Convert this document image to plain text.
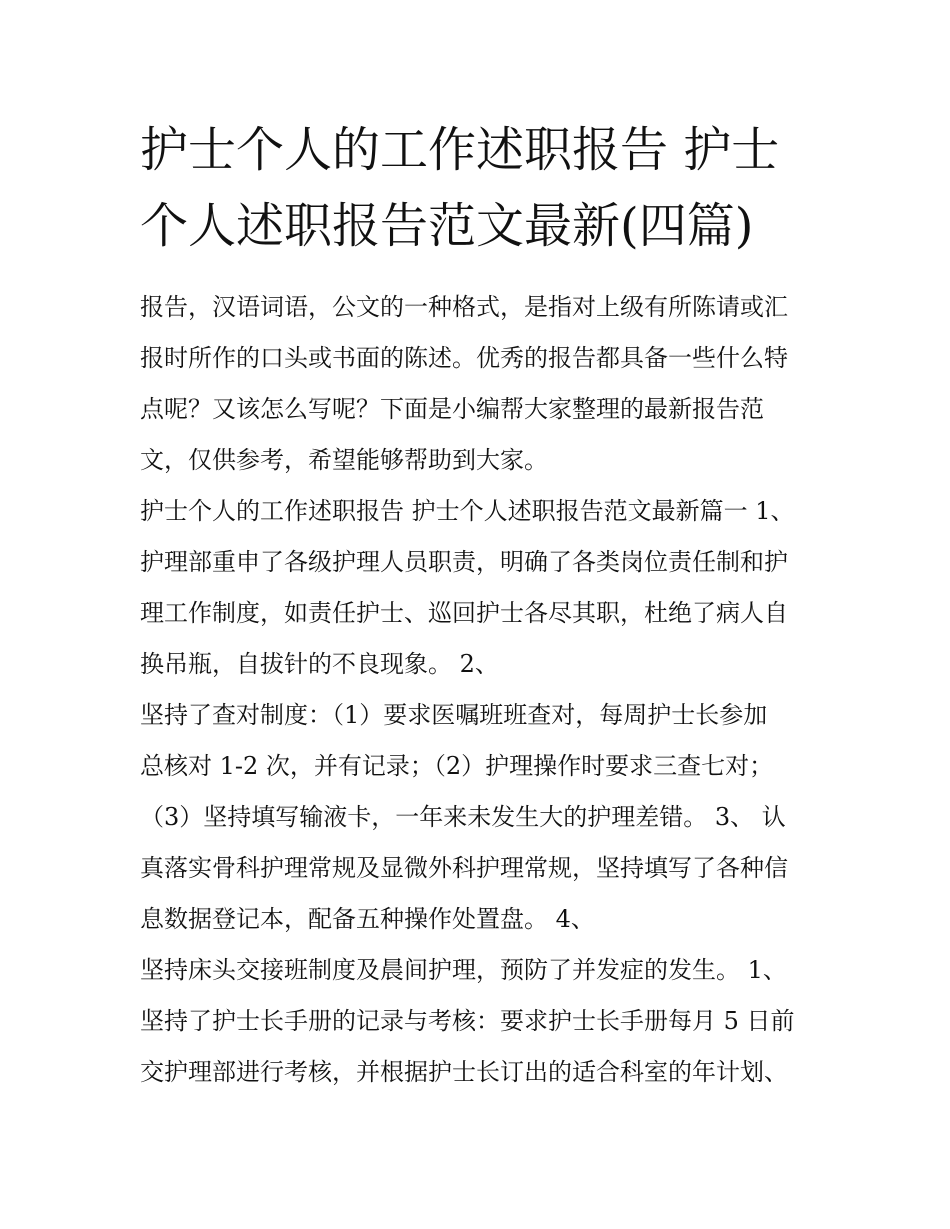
护士个人的工作述职报告 护士
个人述职报告范文最新(四篇)
报告，汉语词语，公文的一种格式，是指对上级有所陈请或汇
报时所作的口头或书面的陈述。优秀的报告都具备一些什么特
点呢？又该怎么写呢？下面是小编帮大家整理的最新报告范
文，仅供参考，希望能够帮助到大家。
护士个人的工作述职报告 护士个人述职报告范文最新篇一 1、
护理部重申了各级护理人员职责，明确了各类岗位责任制和护
理工作制度，如责任护士、巡回护士各尽其职，杜绝了病人自
换吊瓶，自拔针的不良现象。 2、
坚持了查对制度：（1）要求医嘱班班查对，每周护士长参加
总核对 1-2 次，并有记录；（2）护理操作时要求三查七对；
（3）坚持填写输液卡，一年来未发生大的护理差错。 3、 认
真落实骨科护理常规及显微外科护理常规，坚持填写了各种信
息数据登记本，配备五种操作处置盘。 4、
坚持床头交接班制度及晨间护理，预防了并发症的发生。 1、
坚持了护士长手册的记录与考核：要求护士长手册每月 5 日前
交护理部进行考核，并根据护士长订出的适合科室的年计划、
